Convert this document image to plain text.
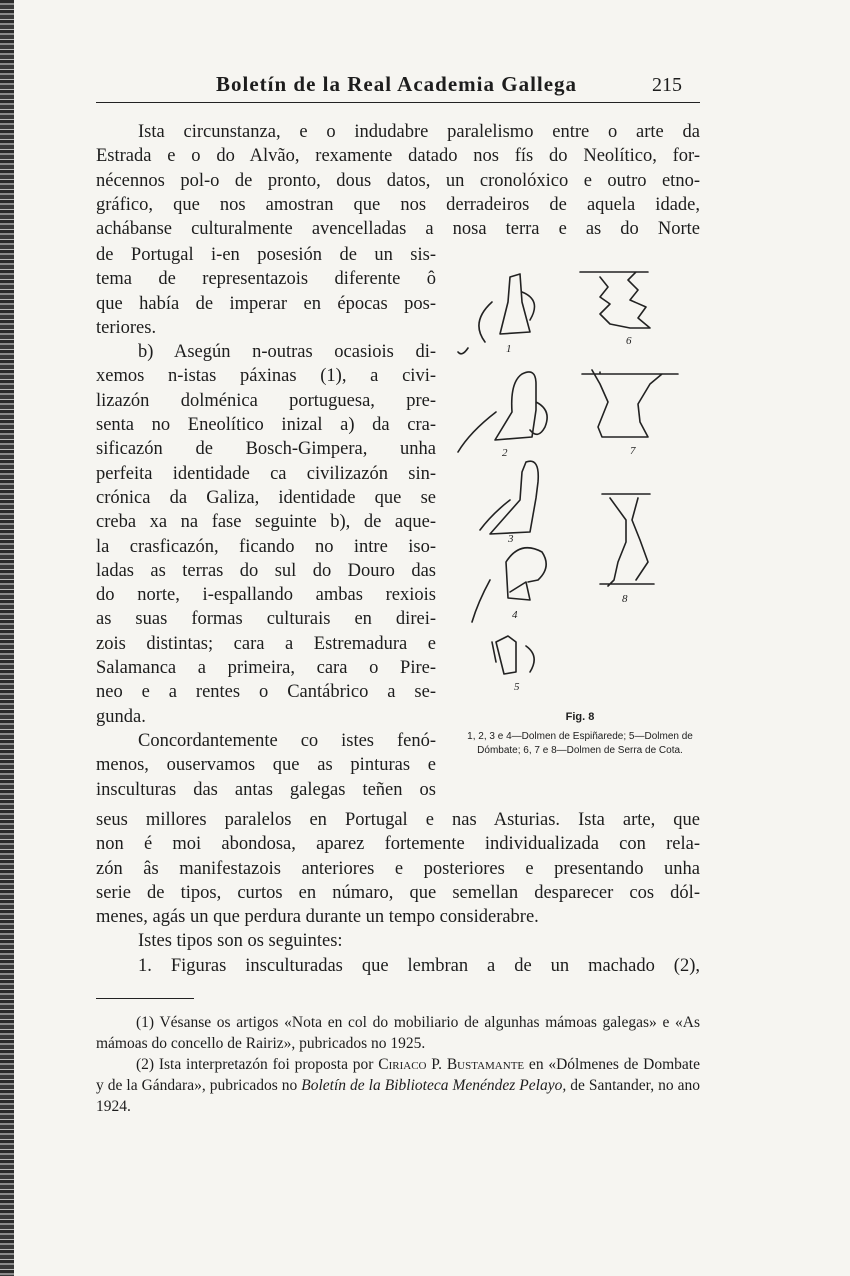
Boletín de la Real Academia Gallega	215

Ista circunstanza, e o indudabre paralelismo entre o arte da

Estrada e o do Alvão, rexamente datado nos fís do Neolítico, for-

nécennos pol-o de pronto, dous datos, un cronolóxico e outro etno-

gráfico, que nos amostran que nos derradeiros de aquela idade,

achábanse culturalmente avencelladas a nosa terra e as do Norte

de Portugal i-en posesión de un sis-

tema de representazois diferente ô

que había de imperar en épocas pos-

teriores.

b) Asegún n-outras ocasiois di-

xemos n-istas páxinas (1), a civi-

lizazón dolménica portuguesa, pre-

senta no Eneolítico inizal a) da cra-

sificazón de Bosch-Gimpera, unha

perfeita identidade ca civilizazón sin-

crónica da Galiza, identidade que se

creba xa na fase seguinte b), de aque-

la crasficazón, ficando no intre iso-

ladas as terras do sul do Douro das

do norte, i-espallando ambas rexiois

as suas formas culturais en direi-

zois distintas; cara a Estremadura e

Salamanca a primeira, cara o Pire-

neo e a rentes o Cantábrico a se-

gunda.

Concordantemente co istes fenó-

menos, ouservamos que as pinturas e

insculturas das antas galegas teñen os

1
2
3
4
5
6
7
8
Fig. 8
1, 2, 3 e 4—Dolmen de Espiñarede; 5—Dolmen de Dómbate; 6, 7 e 8—Dolmen de Serra de Cota.

seus millores paralelos en Portugal e nas Asturias. Ista arte, que

non é moi abondosa, aparez fortemente individualizada con rela-

zón âs manifestazois anteriores e posteriores e presentando unha

serie de tipos, curtos en númaro, que semellan desparecer cos dól-

menes, agás un que perdura durante un tempo considerabre.

Istes tipos son os seguintes:

1. Figuras insculturadas que lembran a de un machado (2),

(1) Vésanse os artigos «Nota en col do mobiliario de algunhas mámoas galegas» e «As mámoas do concello de Rairiz», pubricados no 1925.

(2) Ista interpretazón foi proposta por Ciriaco P. Bustamante en «Dólmenes de Dombate y de la Gándara», pubricados no Boletín de la Biblioteca Menéndez Pelayo, de Santander, no ano 1924.
